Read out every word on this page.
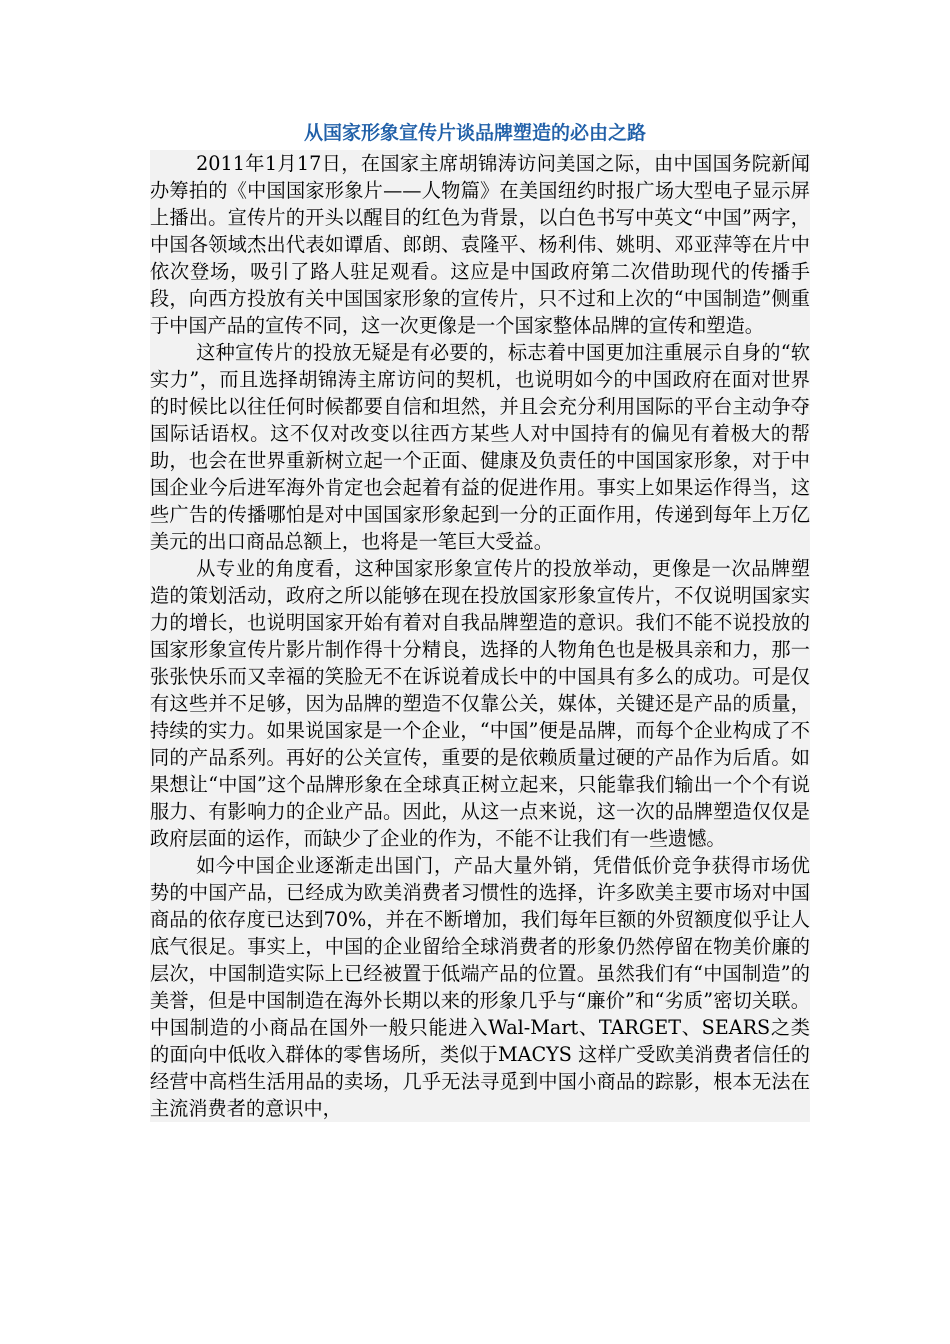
从国家形象宣传片谈品牌塑造的必由之路

2011年1月17日，在国家主席胡锦涛访问美国之际，由中国国务院新闻办筹拍的《中国国家形象片——人物篇》在美国纽约时报广场大型电子显示屏上播出。宣传片的开头以醒目的红色为背景，以白色书写中英文“中国”两字，中国各领域杰出代表如谭盾、郎朗、袁隆平、杨利伟、姚明、邓亚萍等在片中依次登场，吸引了路人驻足观看。这应是中国政府第二次借助现代的传播手段，向西方投放有关中国国家形象的宣传片，只不过和上次的“中国制造”侧重于中国产品的宣传不同，这一次更像是一个国家整体品牌的宣传和塑造。

这种宣传片的投放无疑是有必要的，标志着中国更加注重展示自身的“软实力”，而且选择胡锦涛主席访问的契机，也说明如今的中国政府在面对世界的时候比以往任何时候都要自信和坦然，并且会充分利用国际的平台主动争夺国际话语权。这不仅对改变以往西方某些人对中国持有的偏见有着极大的帮助，也会在世界重新树立起一个正面、健康及负责任的中国国家形象，对于中国企业今后进军海外肯定也会起着有益的促进作用。事实上如果运作得当，这些广告的传播哪怕是对中国国家形象起到一分的正面作用，传递到每年上万亿美元的出口商品总额上，也将是一笔巨大受益。

从专业的角度看，这种国家形象宣传片的投放举动，更像是一次品牌塑造的策划活动，政府之所以能够在现在投放国家形象宣传片，不仅说明国家实力的增长，也说明国家开始有着对自我品牌塑造的意识。我们不能不说投放的国家形象宣传片影片制作得十分精良，选择的人物角色也是极具亲和力，那一张张快乐而又幸福的笑脸无不在诉说着成长中的中国具有多么的成功。可是仅有这些并不足够，因为品牌的塑造不仅靠公关，媒体，关键还是产品的质量，持续的实力。如果说国家是一个企业，“中国”便是品牌，而每个企业构成了不同的产品系列。再好的公关宣传，重要的是依赖质量过硬的产品作为后盾。如果想让“中国”这个品牌形象在全球真正树立起来，只能靠我们输出一个个有说服力、有影响力的企业产品。因此，从这一点来说，这一次的品牌塑造仅仅是政府层面的运作，而缺少了企业的作为，不能不让我们有一些遗憾。

如今中国企业逐渐走出国门，产品大量外销，凭借低价竞争获得市场优势的中国产品，已经成为欧美消费者习惯性的选择，许多欧美主要市场对中国商品的依存度已达到70%，并在不断增加，我们每年巨额的外贸额度似乎让人底气很足。事实上，中国的企业留给全球消费者的形象仍然停留在物美价廉的层次，中国制造实际上已经被置于低端产品的位置。虽然我们有“中国制造”的美誉，但是中国制造在海外长期以来的形象几乎与“廉价”和“劣质”密切关联。中国制造的小商品在国外一般只能进入Wal-Mart、TARGET、SEARS之类的面向中低收入群体的零售场所，类似于MACYS 这样广受欧美消费者信任的经营中高档生活用品的卖场，几乎无法寻觅到中国小商品的踪影，根本无法在主流消费者的意识中，
